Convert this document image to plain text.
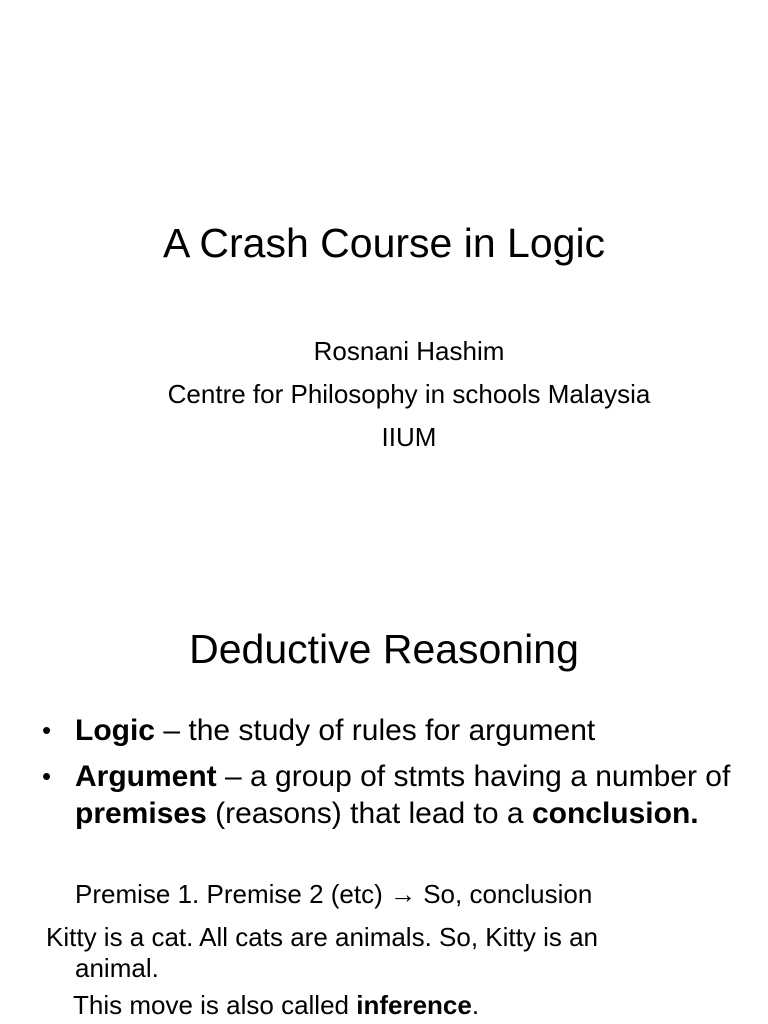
A Crash Course in Logic
Rosnani Hashim
Centre for Philosophy in schools Malaysia
IIUM
Deductive Reasoning
• Logic – the study of rules for argument
• Argument – a group of stmts having a number of premises (reasons) that lead to a conclusion.
Premise 1. Premise 2 (etc) → So, conclusion
Kitty is a cat. All cats are animals. So, Kitty is an
animal.
This move is also called inference.
